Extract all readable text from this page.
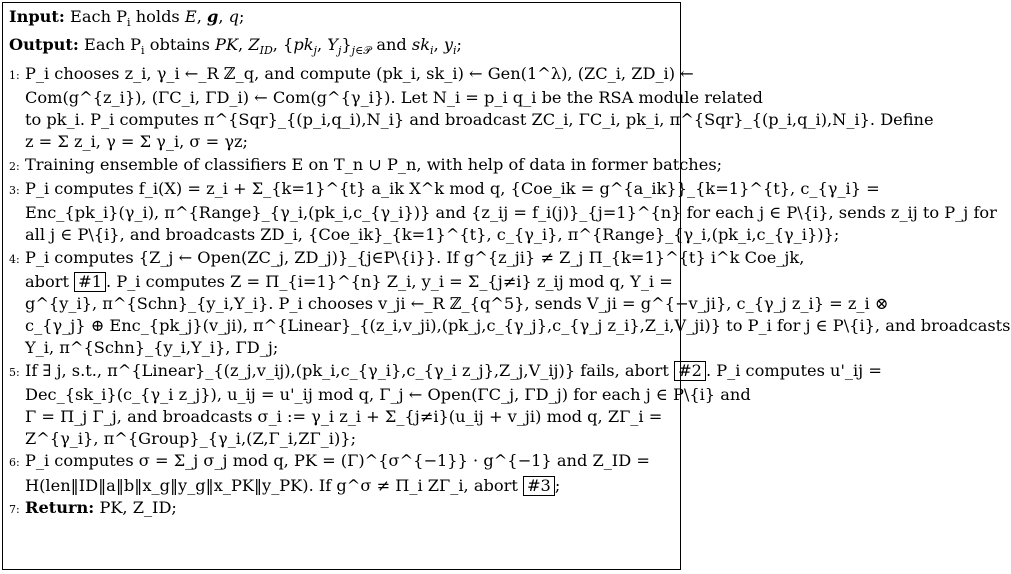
Input: Each $P_i$ holds E, g, q;
Output: Each $P_i$ obtains PK, $Z_{ID}$, {$pk_j$, $Y_j\}_{j\in 𝒫}$ and $sk_i$, $y_i$;
1: P_i chooses z_i, γ_i ←_R ℤ_q, and compute (pk_i, sk_i) ← Gen(1^λ), (ZC_i, ZD_i) ←
Com(g^{z_i}), (ΓC_i, ΓD_i) ← Com(g^{γ_i}). Let N_i = p_i q_i be the RSA module related
to pk_i. P_i computes π^{Sqr}_{(p_i,q_i),N_i} and broadcast ZC_i, ΓC_i, pk_i, π^{Sqr}_{(p_i,q_i),N_i}. Define
z = Σ z_i, γ = Σ γ_i, σ = γz;
2: Training ensemble of classifiers E on T_n ∪ P_n, with help of data in former batches;
3: P_i computes f_i(X) = z_i + Σ_{k=1}^{t} a_ik X^k mod q, {Coe_ik = g^{a_ik}}_{k=1}^{t}, c_{γ_i} =
Enc_{pk_i}(γ_i), π^{Range}_{γ_i,(pk_i,c_{γ_i})} and {z_ij = f_i(j)}_{j=1}^{n} for each j ∈ P\{i}, sends z_ij to P_j for
all j ∈ P\{i}, and broadcasts ZD_i, {Coe_ik}_{k=1}^{t}, c_{γ_i}, π^{Range}_{γ_i,(pk_i,c_{γ_i})};
4: P_i computes {Z_j ← Open(ZC_j, ZD_j)}_{j∈P\{i}}. If g^{z_ji} ≠ Z_j Π_{k=1}^{t} i^k Coe_jk,
abort #1 . P_i computes Z = Π_{i=1}^{n} Z_i, y_i = Σ_{j≠i} z_ij mod q, Y_i =
g^{y_i}, π^{Schn}_{y_i,Y_i}. P_i chooses v_ji ←_R ℤ_{q^5}, sends V_ji = g^{−v_ji}, c_{γ_j z_i} = z_i ⊗
c_{γ_j} ⊕ Enc_{pk_j}(v_ji), π^{Linear}_{(z_i,v_ji),(pk_j,c_{γ_j},c_{γ_j z_i},Z_i,V_ji)} to P_i for j ∈ P\{i}, and broadcasts
Y_i, π^{Schn}_{y_i,Y_i}, ΓD_j;
5: If ∃ j, s.t., π^{Linear}_{(z_j,v_ij),(pk_i,c_{γ_i},c_{γ_i z_j},Z_j,V_ij)} fails, abort #2 . P_i computes u'_ij =
Dec_{sk_i}(c_{γ_i z_j}), u_ij = u'_ij mod q, Γ_j ← Open(ΓC_j, ΓD_j) for each j ∈ P\{i} and
Γ = Π_j Γ_j, and broadcasts σ_i := γ_i z_i + Σ_{j≠i}(u_ij + v_ji) mod q, ZΓ_i =
Z^{γ_i}, π^{Group}_{γ_i,(Z,Γ_i,ZΓ_i)};
6: P_i computes σ = Σ_j σ_j mod q, PK = (Γ)^{σ^{−1}} · g^{−1} and Z_ID =
H(len‖ID‖a‖b‖x_g‖y_g‖x_PK‖y_PK). If g^σ ≠ Π_i ZΓ_i, abort #3 ;
7: Return: PK, Z_ID;
